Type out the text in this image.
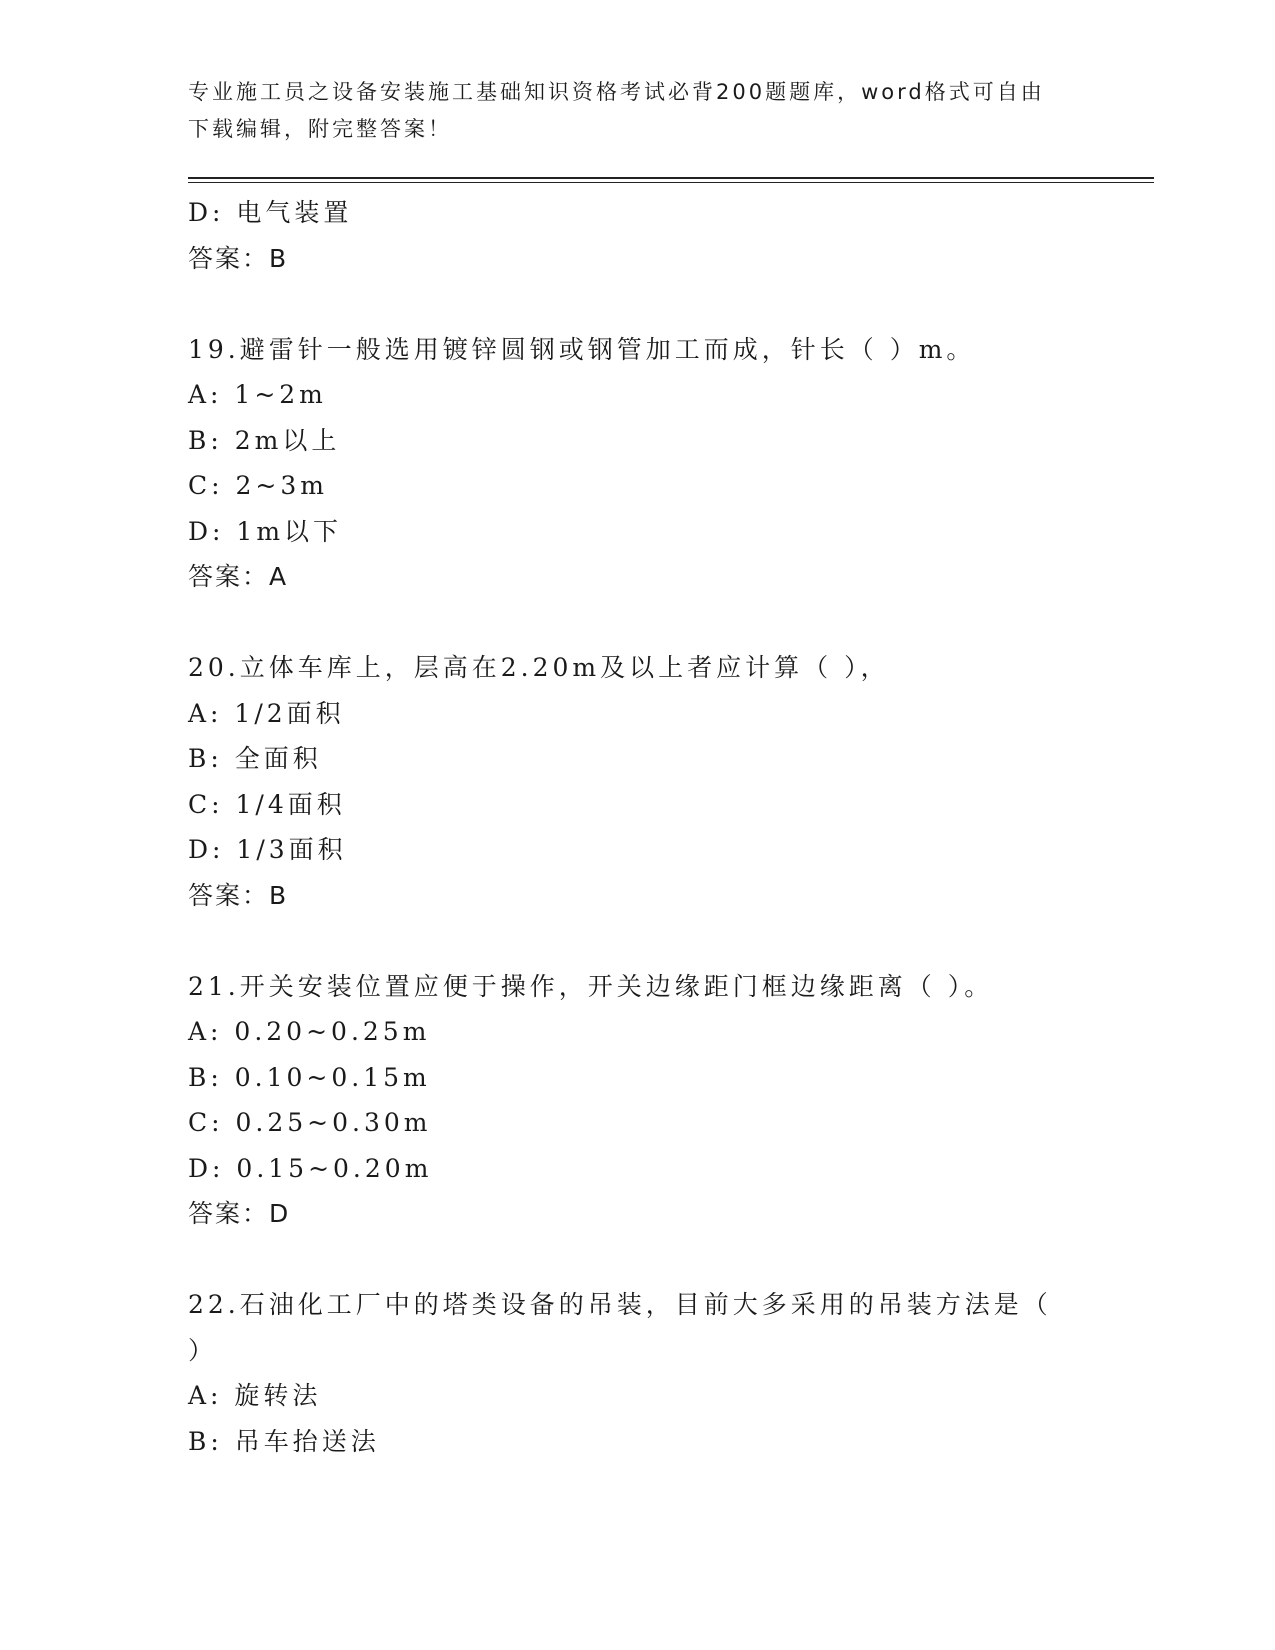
专业施工员之设备安装施工基础知识资格考试必背200题题库，word格式可自由
下载编辑，附完整答案！
D: 电气装置
答案：B
19.避雷针一般选用镀锌圆钢或钢管加工而成，针长（ ）m。
A: 1~2m
B: 2m以上
C: 2~3m
D: 1m以下
答案：A
20.立体车库上，层高在2.20m及以上者应计算（ ），
A: 1/2面积
B: 全面积
C: 1/4面积
D: 1/3面积
答案：B
21.开关安装位置应便于操作，开关边缘距门框边缘距离（ ）。
A: 0.20~0.25m
B: 0.10~0.15m
C: 0.25~0.30m
D: 0.15~0.20m
答案：D
22.石油化工厂中的塔类设备的吊装，目前大多采用的吊装方法是（
）
A: 旋转法
B: 吊车抬送法
